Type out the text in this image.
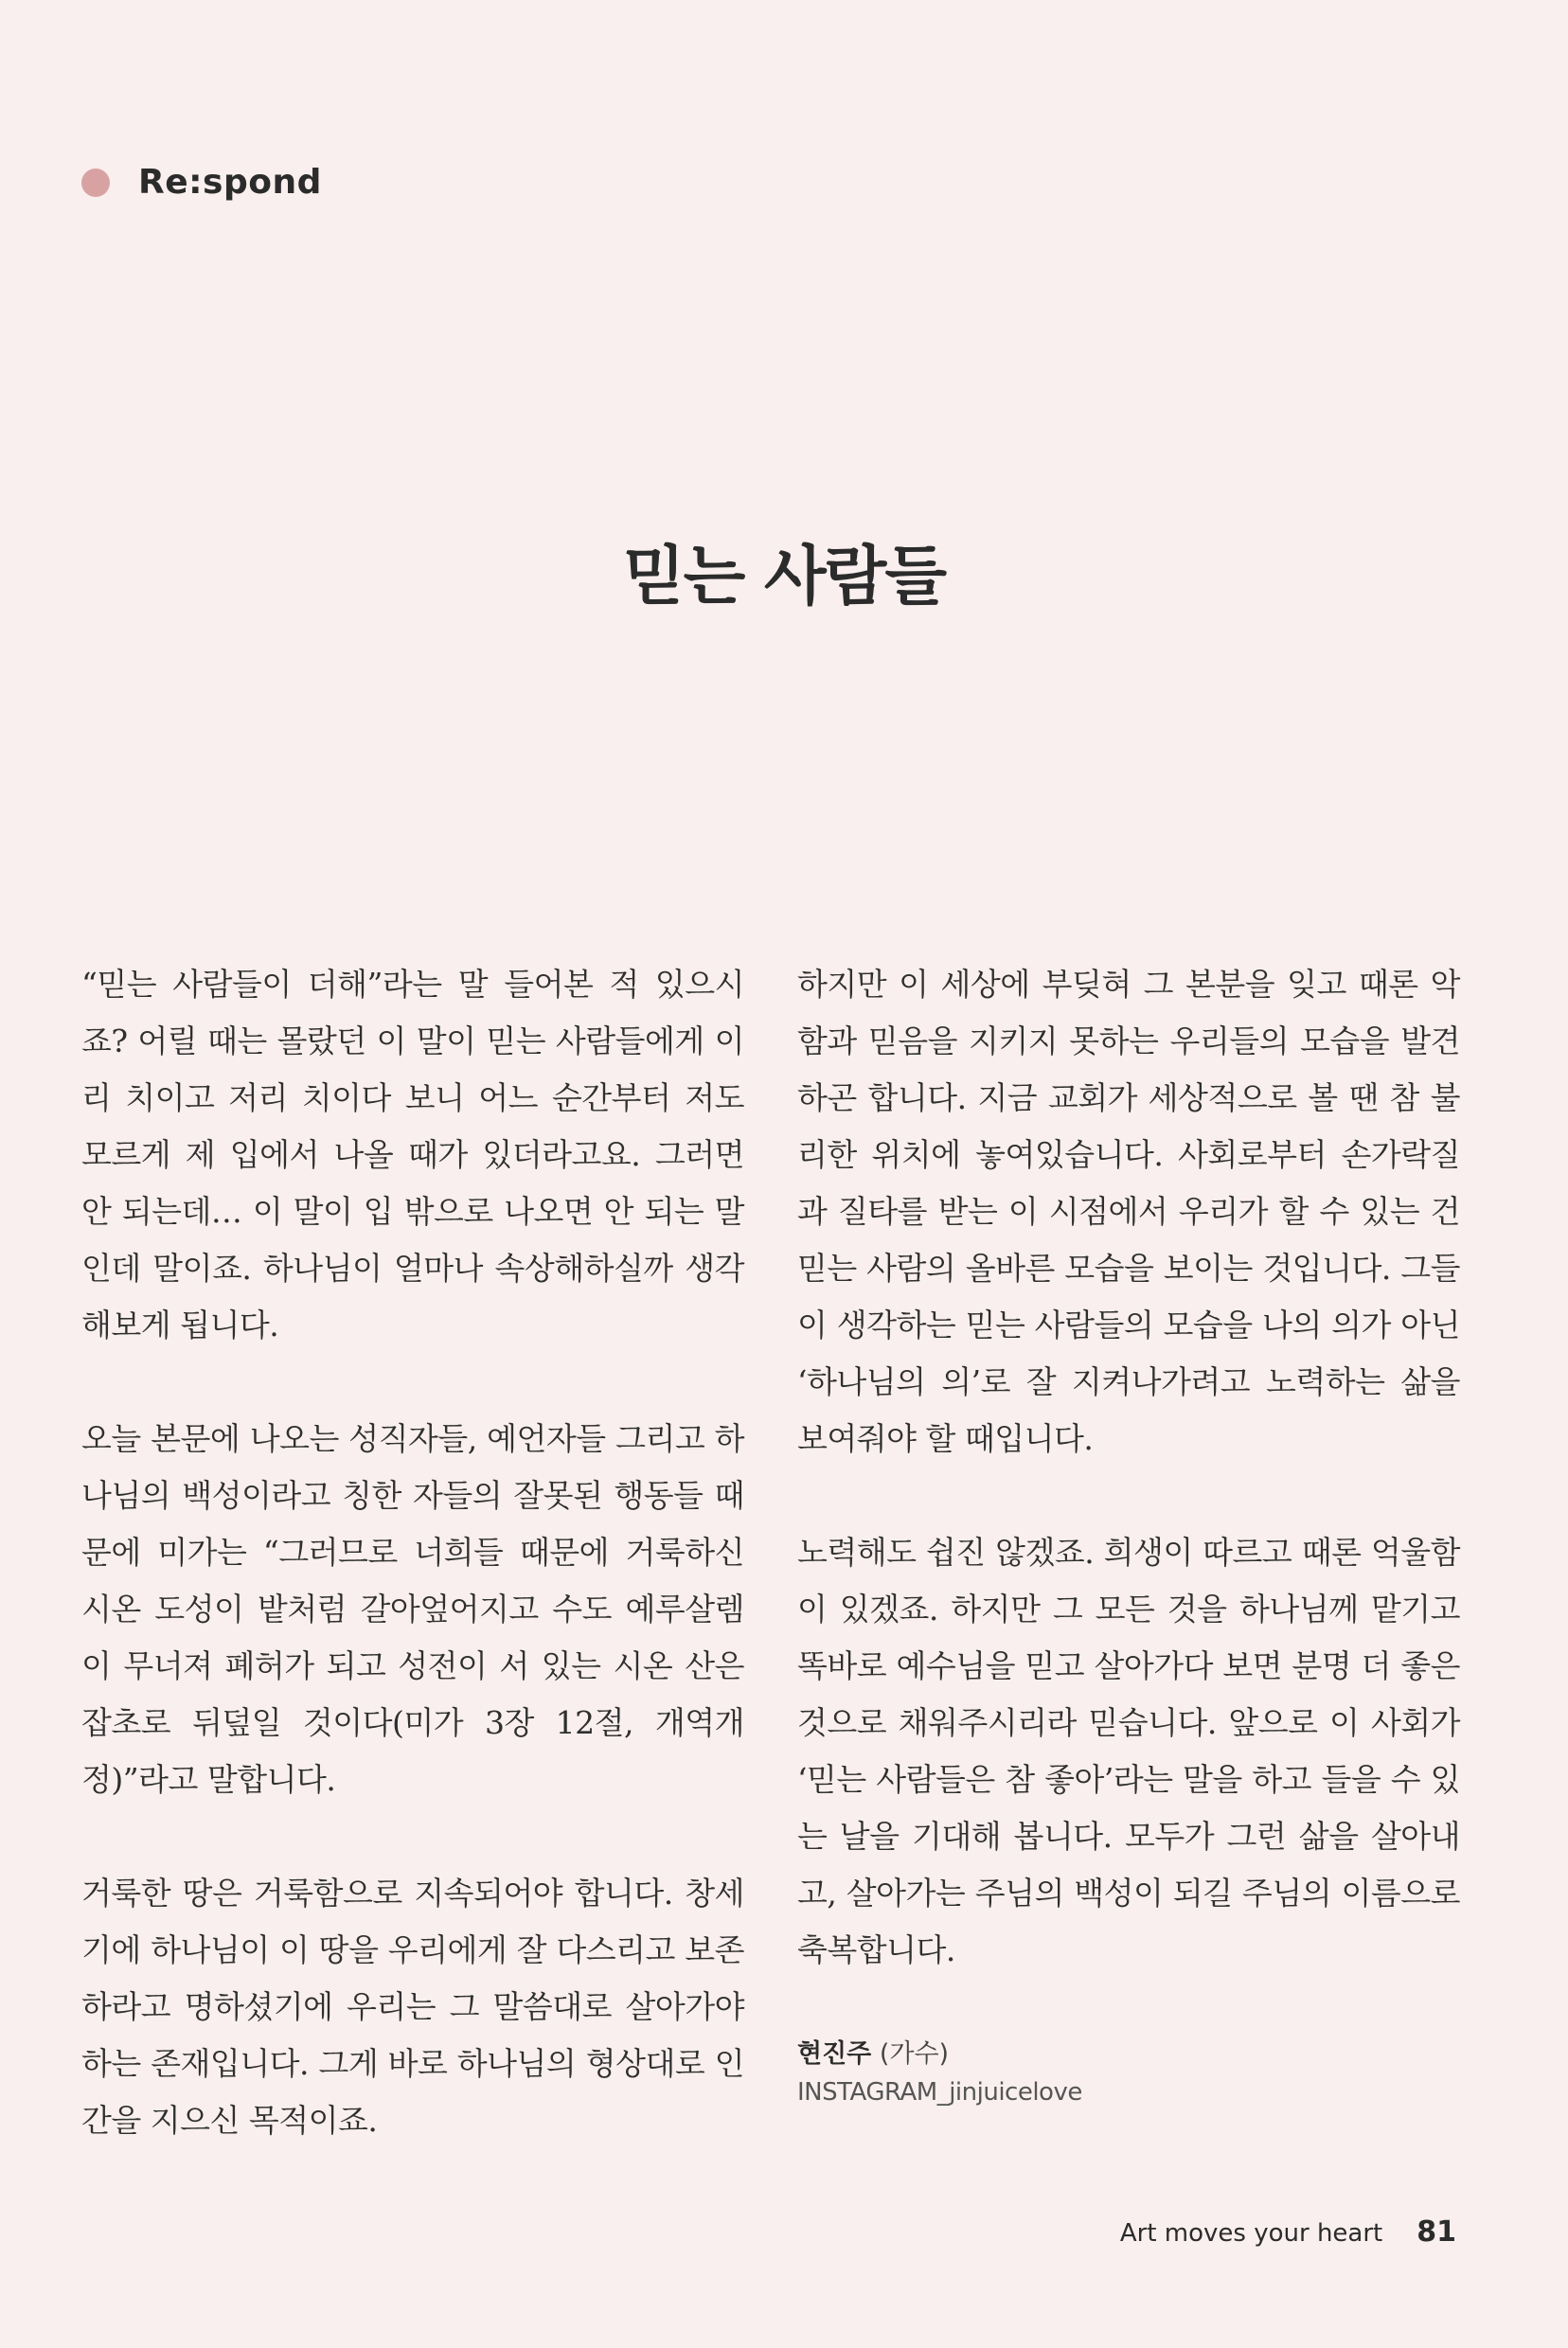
Re:spond
믿는 사람들

“믿는 사람들이 더해”라는 말 들어본 적 있으시죠? 어릴 때는 몰랐던 이 말이 믿는 사람들에게 이리 치이고 저리 치이다 보니 어느 순간부터 저도 모르게 제 입에서 나올 때가 있더라고요. 그러면 안 되는데… 이 말이 입 밖으로 나오면 안 되는 말인데 말이죠. 하나님이 얼마나 속상해하실까 생각해보게 됩니다.

오늘 본문에 나오는 성직자들, 예언자들 그리고 하나님의 백성이라고 칭한 자들의 잘못된 행동들 때문에 미가는 “그러므로 너희들 때문에 거룩하신 시온 도성이 밭처럼 갈아엎어지고 수도 예루살렘이 무너져 폐허가 되고 성전이 서 있는 시온 산은 잡초로 뒤덮일 것이다(미가 3장 12절, 개역개정)”라고 말합니다.

거룩한 땅은 거룩함으로 지속되어야 합니다. 창세기에 하나님이 이 땅을 우리에게 잘 다스리고 보존하라고 명하셨기에 우리는 그 말씀대로 살아가야 하는 존재입니다. 그게 바로 하나님의 형상대로 인간을 지으신 목적이죠.

하지만 이 세상에 부딪혀 그 본분을 잊고 때론 악함과 믿음을 지키지 못하는 우리들의 모습을 발견하곤 합니다. 지금 교회가 세상적으로 볼 땐 참 불리한 위치에 놓여있습니다. 사회로부터 손가락질과 질타를 받는 이 시점에서 우리가 할 수 있는 건 믿는 사람의 올바른 모습을 보이는 것입니다. 그들이 생각하는 믿는 사람들의 모습을 나의 의가 아닌 ‘하나님의 의’로 잘 지켜나가려고 노력하는 삶을 보여줘야 할 때입니다.

노력해도 쉽진 않겠죠. 희생이 따르고 때론 억울함이 있겠죠. 하지만 그 모든 것을 하나님께 맡기고 똑바로 예수님을 믿고 살아가다 보면 분명 더 좋은 것으로 채워주시리라 믿습니다. 앞으로 이 사회가 ‘믿는 사람들은 참 좋아’라는 말을 하고 들을 수 있는 날을 기대해 봅니다. 모두가 그런 삶을 살아내고, 살아가는 주님의 백성이 되길 주님의 이름으로 축복합니다.

현진주 (가수)
INSTAGRAM_jinjuicelove
Art moves your heart 81
